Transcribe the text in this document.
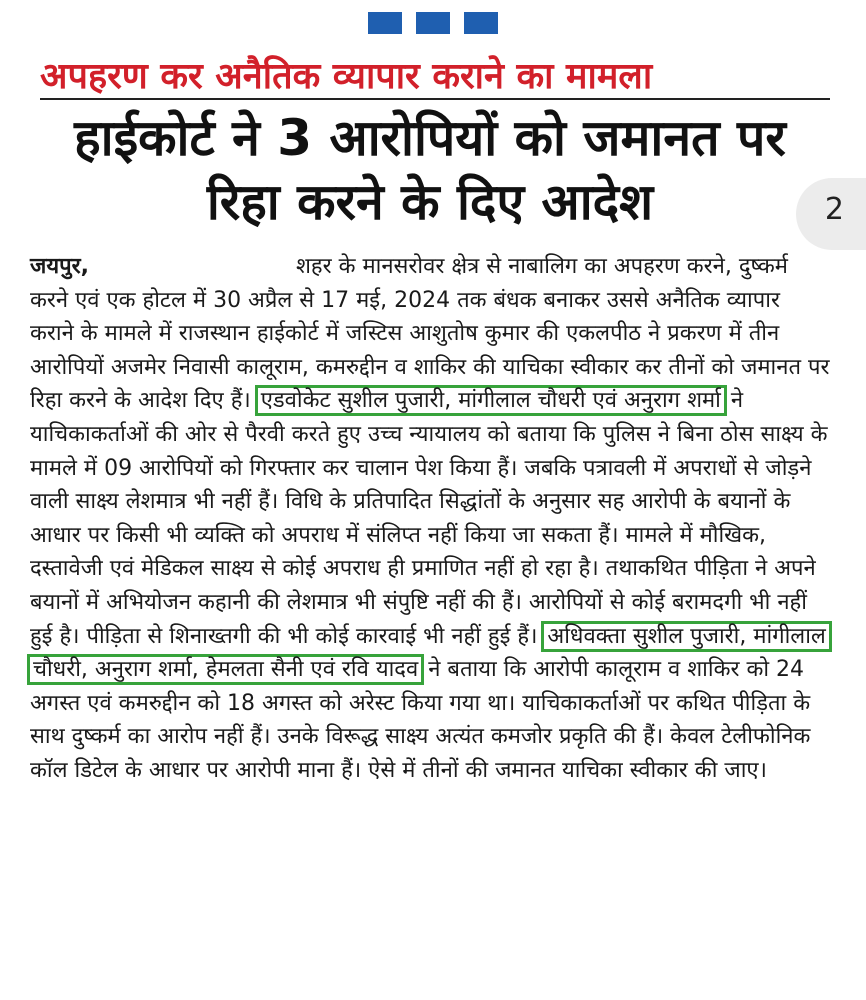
अपहरण कर अनैतिक व्यापार कराने का मामला
हाईकोर्ट ने 3 आरोपियों को जमानत पर रिहा करने के दिए आदेश	2

जयपुर,	शहर के मानसरोवर क्षेत्र से नाबालिग का अपहरण करने, दुष्कर्म करने एवं एक होटल में 30 अप्रैल से 17 मई, 2024 तक बंधक बनाकर उससे अनैतिक व्यापार कराने के मामले में राजस्थान हाईकोर्ट में जस्टिस आशुतोष कुमार की एकलपीठ ने प्रकरण में तीन आरोपियों अजमेर निवासी कालूराम, कमरुद्दीन व शाकिर की याचिका स्वीकार कर तीनों को जमानत पर रिहा करने के आदेश दिए हैं। एडवोकेट सुशील पुजारी, मांगीलाल चौधरी एवं अनुराग शर्मा ने याचिकाकर्ताओं की ओर से पैरवी करते हुए उच्च न्यायालय को बताया कि पुलिस ने बिना ठोस साक्ष्य के मामले में 09 आरोपियों को गिरफ्तार कर चालान पेश किया हैं। जबकि पत्रावली में अपराधों से जोड़ने वाली साक्ष्य लेशमात्र भी नहीं हैं। विधि के प्रतिपादित सिद्धांतों के अनुसार सह आरोपी के बयानों के आधार पर किसी भी व्यक्ति को अपराध में संलिप्त नहीं किया जा सकता हैं। मामले में मौखिक, दस्तावेजी एवं मेडिकल साक्ष्य से कोई अपराध ही प्रमाणित नहीं हो रहा है। तथाकथित पीड़िता ने अपने बयानों में अभियोजन कहानी की लेशमात्र भी संपुष्टि नहीं की हैं। आरोपियों से कोई बरामदगी भी नहीं हुई है। पीड़िता से शिनाख्तगी की भी कोई कारवाई भी नहीं हुई हैं। अधिवक्ता सुशील पुजारी, मांगीलाल चौधरी, अनुराग शर्मा, हेमलता सैनी एवं रवि यादव ने बताया कि आरोपी कालूराम व शाकिर को 24 अगस्त एवं कमरुद्दीन को 18 अगस्त को अरेस्ट किया गया था। याचिकाकर्ताओं पर कथित पीड़िता के साथ दुष्कर्म का आरोप नहीं हैं। उनके विरूद्ध साक्ष्य अत्यंत कमजोर प्रकृति की हैं। केवल टेलीफोनिक कॉल डिटेल के आधार पर आरोपी माना हैं। ऐसे में तीनों की जमानत याचिका स्वीकार की जाए।
